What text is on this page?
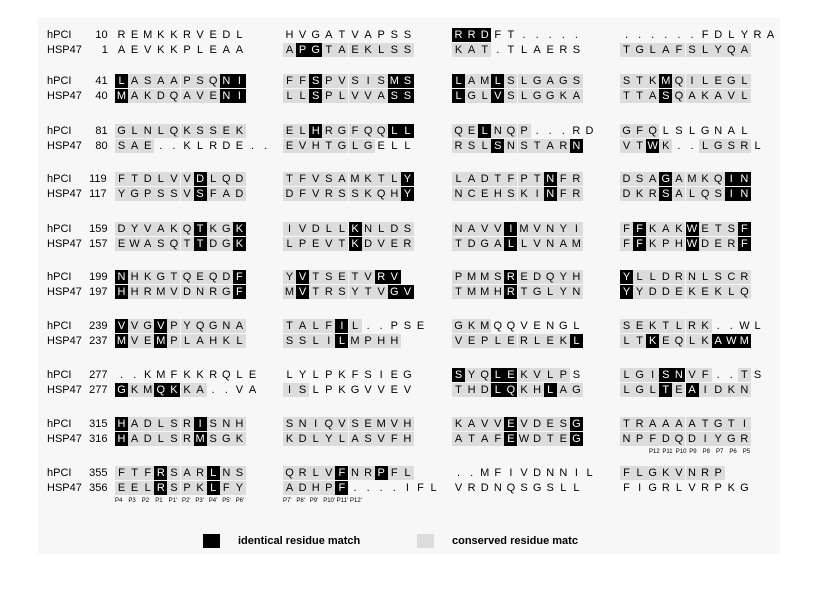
hPCI 10 R E M K K R V E D L	H V G A T V A P S S	R R D F T . . . . .	. . . . . . F D L Y R A
HSP47 1 A E V K K P L E A A	A P G T A E K L S S	K A T . T L A E R S	T G L A F S L Y Q A
hPCI 41 L A S A A P S Q N I	F F S P V S I S M S	L A M L S L G A G S	S T K M Q I L E G L
HSP47 40 M A K D Q A V E N I	L L S P L V V A S S	L G L V S L G G K A	T T A S Q A K A V L
hPCI 81 G L N L Q K S S E K	E L H R G F Q Q L L	Q E L N Q P . . . R D	G F Q L S L G N A L
HSP47 80 S A E . . K L R D E . .	E V H T G L G E L L	R S L S N S T A R N	V T W K . . L G S R L
hPCI 119 F T D L V V D L Q D	T F V S A M K T L Y	L A D T F P T N F R	D S A G A M K Q I N
HSP47 117 Y G P S S V S F A D	D F V R S S K Q H Y	N C E H S K I N F R	D K R S A L Q S I N
hPCI 159 D Y V A K Q T K G K	I V D L L K N L D S	N A V V I M V N Y I	F F K A K W E T S F
HSP47 157 E W A S Q T T D G K	L P E V T K D V E R	T D G A L L V N A M	F F K P H W D E R F
hPCI 199 N H K G T Q E Q D F	Y V T S E T V R V	P M M S R E D Q Y H	Y L L D R N L S C R
HSP47 197 H H R M V D N R G F	M V T R S Y T V G V	T M M H R T G L Y N	Y Y D D E K E K L Q
hPCI 239 V V G V P Y Q G N A	T A L F I L . . P S E	G K M Q Q V E N G L	S E K T L R K . . W L
HSP47 237 M V E M P L A H K L	S S L I L M P H H	V E P L E R L E K L	L T K E Q L K A W M
hPCI 277	. . K M F K K R Q L E	L Y L P K F S I E G	S Y Q L E K V L P S	L G I S N V F . . T S
HSP47 277 G K M Q K K A . . V A	I S L P K G V V E V	T H D L Q K H L A G	L G L T E A I D K N
hPCI 315 H A D L S R I S N H	S N I Q V S E M V H	K A V V E V D E S G	T R A A A A T G T I
HSP47 316 H A D L S R M S G K	K D L Y L A S V F H	A T A F E W D T E G	N P F D Q D I Y G R
P12 P11 P10 P9 P8 P7 P6 P5
hPCI 355 F T F R S A R L N S	Q R L V F N R P F L	. . M F I V D N N I L	F L G K V N R P
HSP47 356 E E L R S P K L F Y	A D H P F . . . . I F L	V R D N Q S G S L L	F I G R L V R P K G
P4 P3 P2 P1 P1' P2' P3' P4' P5' P6'	P7' P8' P9' P10' P11' P12'
identical residue match	conserved residue matc
